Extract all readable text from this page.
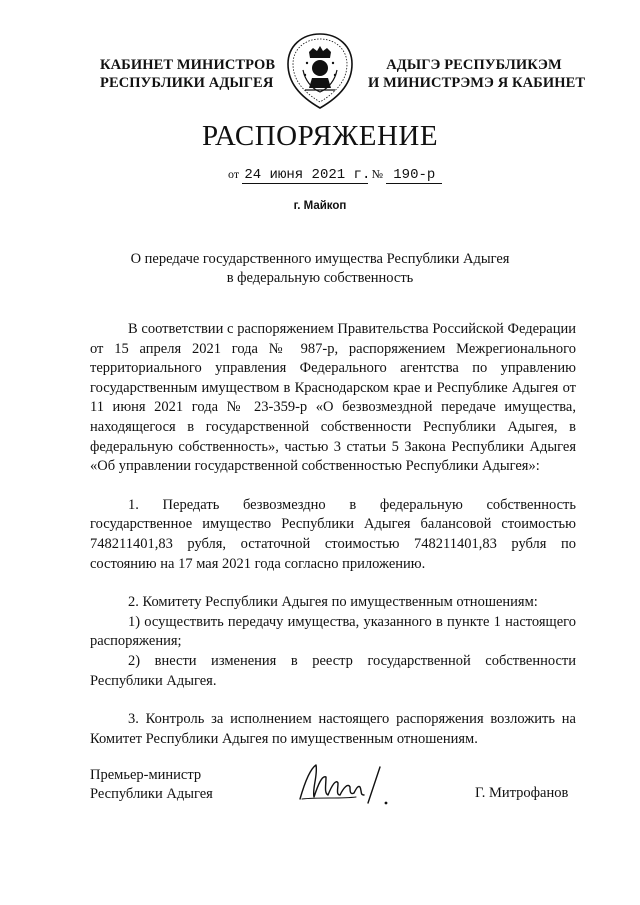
КАБИНЕТ МИНИСТРОВ
РЕСПУБЛИКИ АДЫГЕЯ
АДЫГЭ РЕСПУБЛИКЭМ
И МИНИСТРЭМЭ Я КАБИНЕТ
РАСПОРЯЖЕНИЕ
от 24 июня 2021 г. № 190-р
г. Майкоп
О передаче государственного имущества Республики Адыгея
в федеральную собственность

В соответствии с распоряжением Правительства Российской Федерации от 15 апреля 2021 года № 987-р, распоряжением Межрегионального территориального управления Федерального агентства по управлению государственным имуществом в Краснодарском крае и Республике Адыгея от 11 июня 2021 года № 23-359-р «О безвозмездной передаче имущества, находящегося в государственной собственности Республики Адыгея, в федеральную собственность», частью 3 статьи 5 Закона Республики Адыгея «Об управлении государственной собственностью Республики Адыгея»:

1. Передать безвозмездно в федеральную собственность государственное имущество Республики Адыгея балансовой стоимостью 748211401,83 рубля, остаточной стоимостью 748211401,83 рубля по состоянию на 17 мая 2021 года согласно приложению.

2. Комитету Республики Адыгея по имущественным отношениям:

1) осуществить передачу имущества, указанного в пункте 1 настоящего распоряжения;

2) внести изменения в реестр государственной собственности Республики Адыгея.

3. Контроль за исполнением настоящего распоряжения возложить на Комитет Республики Адыгея по имущественным отношениям.

Премьер-министр
Республики Адыгея	Г. Митрофанов
